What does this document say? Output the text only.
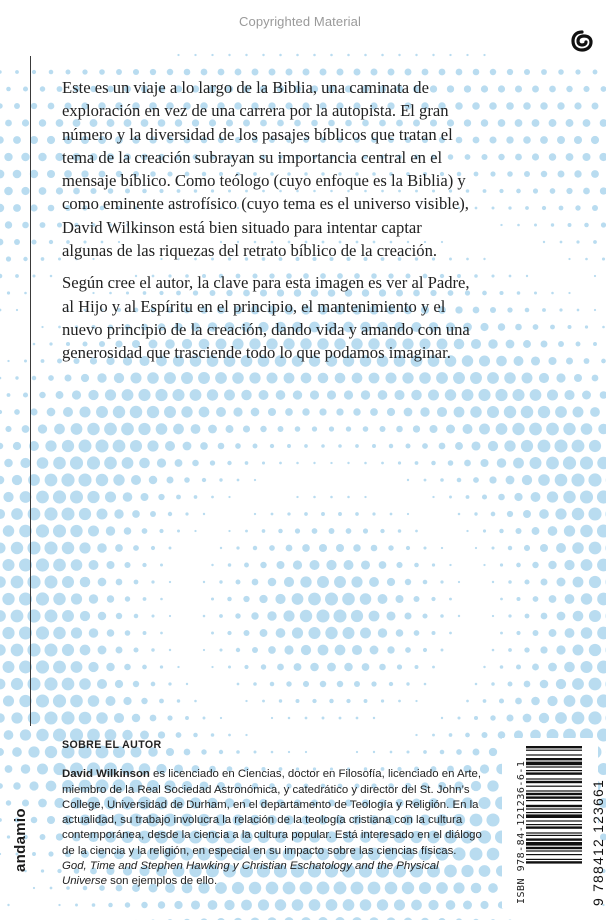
Copyrighted Material

Este es un viaje a lo largo de la Biblia, una caminata de exploración en vez de una carrera por la autopista. El gran número y la diversidad de los pasajes bíblicos que tratan el tema de la creación subrayan su importancia central en el mensaje bíblico. Como teólogo (cuyo enfoque es la Biblia) y como eminente astrofísico (cuyo tema es el universo visible), David Wilkinson está bien situado para intentar captar algunas de las riquezas del retrato bíblico de la creación.

Según cree el autor, la clave para esta imagen es ver al Padre, al Hijo y al Espíritu en el principio, el mantenimiento y el nuevo principio de la creación, dando vida y amando con una generosidad que trasciende todo lo que podamos imaginar.

SOBRE EL AUTOR

David Wilkinson es licenciado en Ciencias, doctor en Filosofía, licenciado en Arte, miembro de la Real Sociedad Astronómica, y catedrático y director del St. John’s College, Universidad de Durham, en el departamento de Teología y Religión. En la actualidad, su trabajo involucra la relación de la teología cristiana con la cultura contemporánea, desde la ciencia a la cultura popular. Está interesado en el diálogo de la ciencia y la religión, en especial en su impacto sobre las ciencias físicas. God, Time and Stephen Hawking y Christian Eschatology and the Physical Universe son ejemplos de ello.

andamio	ISBN 978-84-121236-6-1	9 788412 123661
